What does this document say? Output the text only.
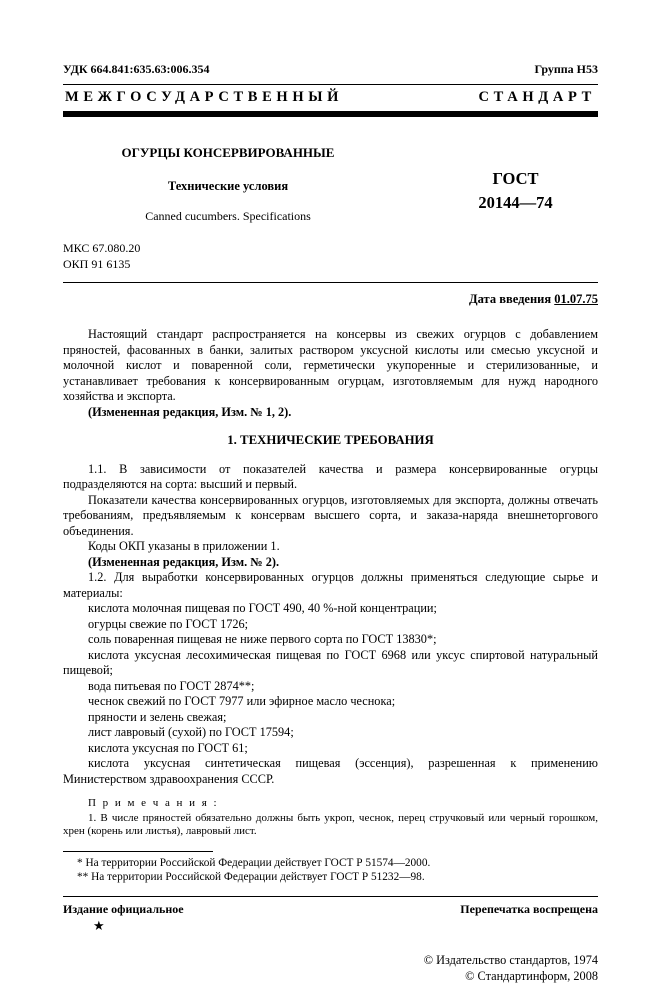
УДК 664.841:635.63:006.354	Группа Н53
МЕЖГОСУДАРСТВЕННЫЙ	СТАНДАРТ
ОГУРЦЫ КОНСЕРВИРОВАННЫЕ
Технические условия
Canned cucumbers. Specifications
ГОСТ
20144—74
МКС 67.080.20
ОКП 91 6135
Дата введения 01.07.75
Настоящий стандарт распространяется на консервы из свежих огурцов с добавлением пряностей, фасованных в банки, залитых раствором уксусной кислоты или смесью уксусной и молочной кислот и поваренной соли, герметически укупоренные и стерилизованные, и устанавливает требования к консервированным огурцам, изготовляемым для нужд народного хозяйства и экспорта.
(Измененная редакция, Изм. № 1, 2).
1. ТЕХНИЧЕСКИЕ ТРЕБОВАНИЯ
1.1. В зависимости от показателей качества и размера консервированные огурцы подразделяются на сорта: высший и первый.
Показатели качества консервированных огурцов, изготовляемых для экспорта, должны отвечать требованиям, предъявляемым к консервам высшего сорта, и заказа-наряда внешнеторгового объединения.
Коды ОКП указаны в приложении 1.
(Измененная редакция, Изм. № 2).
1.2. Для выработки консервированных огурцов должны применяться следующие сырье и материалы:
кислота молочная пищевая по ГОСТ 490, 40 %-ной концентрации;
огурцы свежие по ГОСТ 1726;
соль поваренная пищевая не ниже первого сорта по ГОСТ 13830*;
кислота уксусная лесохимическая пищевая по ГОСТ 6968 или уксус спиртовой натуральный пищевой;
вода питьевая по ГОСТ 2874**;
чеснок свежий по ГОСТ 7977 или эфирное масло чеснока;
пряности и зелень свежая;
лист лавровый (сухой) по ГОСТ 17594;
кислота уксусная по ГОСТ 61;
кислота уксусная синтетическая пищевая (эссенция), разрешенная к применению Министерством здравоохранения СССР.
П р и м е ч а н и я :
1. В числе пряностей обязательно должны быть укроп, чеснок, перец стручковый или черный горошком, хрен (корень или листья), лавровый лист.
* На территории Российской Федерации действует ГОСТ Р 51574—2000.
** На территории Российской Федерации действует ГОСТ Р 51232—98.
Издание официальное	Перепечатка воспрещена
★
© Издательство стандартов, 1974
© Стандартинформ, 2008
